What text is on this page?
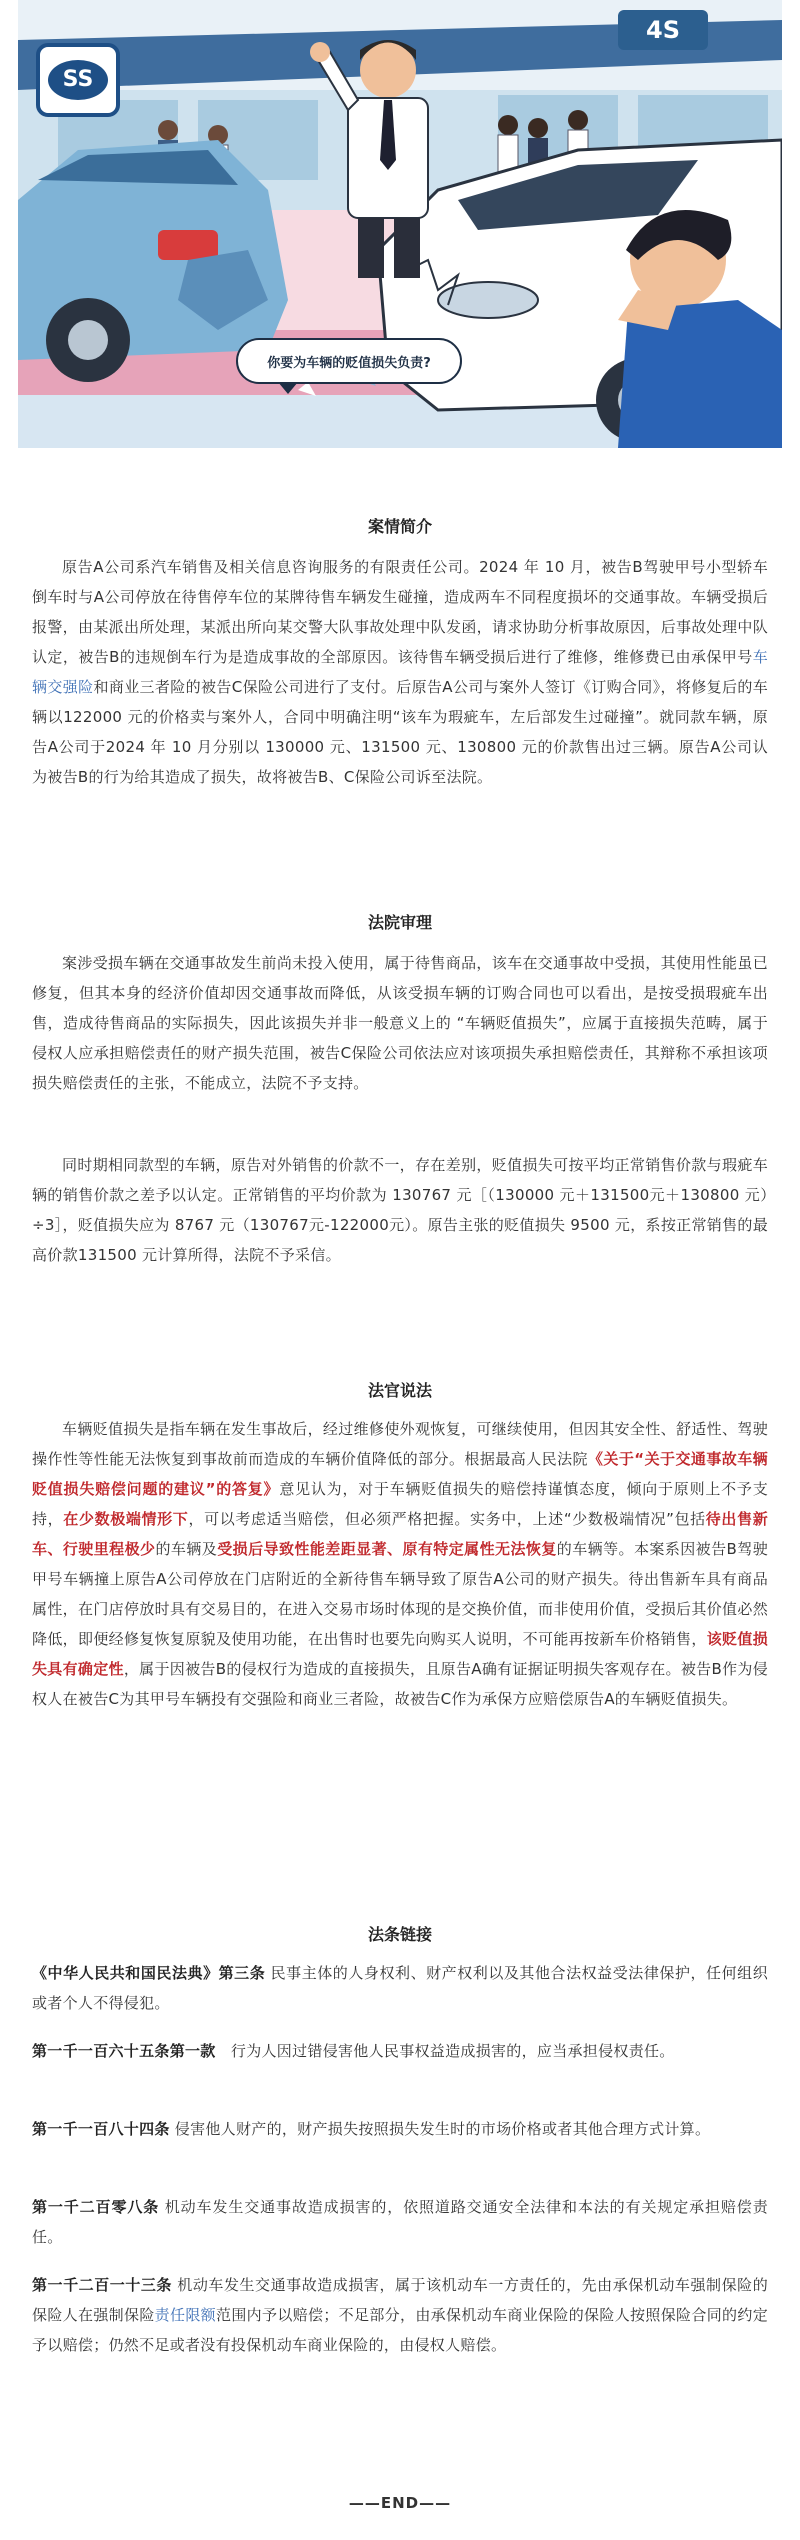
你要为车辆的贬值损失负责?
SS
4S
案情简介
原告A公司系汽车销售及相关信息咨询服务的有限责任公司。2024 年 10 月，被告B驾驶甲号小型轿车倒车时与A公司停放在待售停车位的某牌待售车辆发生碰撞，造成两车不同程度损坏的交通事故。车辆受损后报警，由某派出所处理，某派出所向某交警大队事故处理中队发函，请求协助分析事故原因，后事故处理中队认定，被告B的违规倒车行为是造成事故的全部原因。该待售车辆受损后进行了维修，维修费已由承保甲号车辆交强险和商业三者险的被告C保险公司进行了支付。后原告A公司与案外人签订《订购合同》，将修复后的车辆以122000 元的价格卖与案外人，合同中明确注明“该车为瑕疵车，左后部发生过碰撞”。就同款车辆，原告A公司于2024 年 10 月分别以 130000 元、131500 元、130800 元的价款售出过三辆。原告A公司认为被告B的行为给其造成了损失，故将被告B、C保险公司诉至法院。
法院审理
案涉受损车辆在交通事故发生前尚未投入使用，属于待售商品，该车在交通事故中受损，其使用性能虽已修复，但其本身的经济价值却因交通事故而降低，从该受损车辆的订购合同也可以看出，是按受损瑕疵车出售，造成待售商品的实际损失，因此该损失并非一般意义上的 “车辆贬值损失”，应属于直接损失范畴，属于侵权人应承担赔偿责任的财产损失范围，被告C保险公司依法应对该项损失承担赔偿责任，其辩称不承担该项损失赔偿责任的主张，不能成立，法院不予支持。
同时期相同款型的车辆，原告对外销售的价款不一，存在差别，贬值损失可按平均正常销售价款与瑕疵车辆的销售价款之差予以认定。正常销售的平均价款为 130767 元［（130000 元＋131500元＋130800 元）÷3］，贬值损失应为 8767 元（130767元-122000元）。原告主张的贬值损失 9500 元，系按正常销售的最高价款131500 元计算所得，法院不予采信。
法官说法
车辆贬值损失是指车辆在发生事故后，经过维修使外观恢复，可继续使用，但因其安全性、舒适性、驾驶操作性等性能无法恢复到事故前而造成的车辆价值降低的部分。根据最高人民法院《关于“关于交通事故车辆贬值损失赔偿问题的建议”的答复》意见认为，对于车辆贬值损失的赔偿持谨慎态度，倾向于原则上不予支持，在少数极端情形下，可以考虑适当赔偿，但必须严格把握。实务中，上述“少数极端情况”包括待出售新车、行驶里程极少的车辆及受损后导致性能差距显著、原有特定属性无法恢复的车辆等。本案系因被告B驾驶甲号车辆撞上原告A公司停放在门店附近的全新待售车辆导致了原告A公司的财产损失。待出售新车具有商品属性，在门店停放时具有交易目的，在进入交易市场时体现的是交换价值，而非使用价值，受损后其价值必然降低，即便经修复恢复原貌及使用功能，在出售时也要先向购买人说明，不可能再按新车价格销售，该贬值损失具有确定性，属于因被告B的侵权行为造成的直接损失，且原告A确有证据证明损失客观存在。被告B作为侵权人在被告C为其甲号车辆投有交强险和商业三者险，故被告C作为承保方应赔偿原告A的车辆贬值损失。
法条链接
《中华人民共和国民法典》第三条 民事主体的人身权利、财产权利以及其他合法权益受法律保护，任何组织或者个人不得侵犯。
第一千一百六十五条第一款　行为人因过错侵害他人民事权益造成损害的，应当承担侵权责任。
第一千一百八十四条 侵害他人财产的，财产损失按照损失发生时的市场价格或者其他合理方式计算。
第一千二百零八条 机动车发生交通事故造成损害的，依照道路交通安全法律和本法的有关规定承担赔偿责任。
第一千二百一十三条 机动车发生交通事故造成损害，属于该机动车一方责任的，先由承保机动车强制保险的保险人在强制保险责任限额范围内予以赔偿；不足部分，由承保机动车商业保险的保险人按照保险合同的约定予以赔偿；仍然不足或者没有投保机动车商业保险的，由侵权人赔偿。
——END——
